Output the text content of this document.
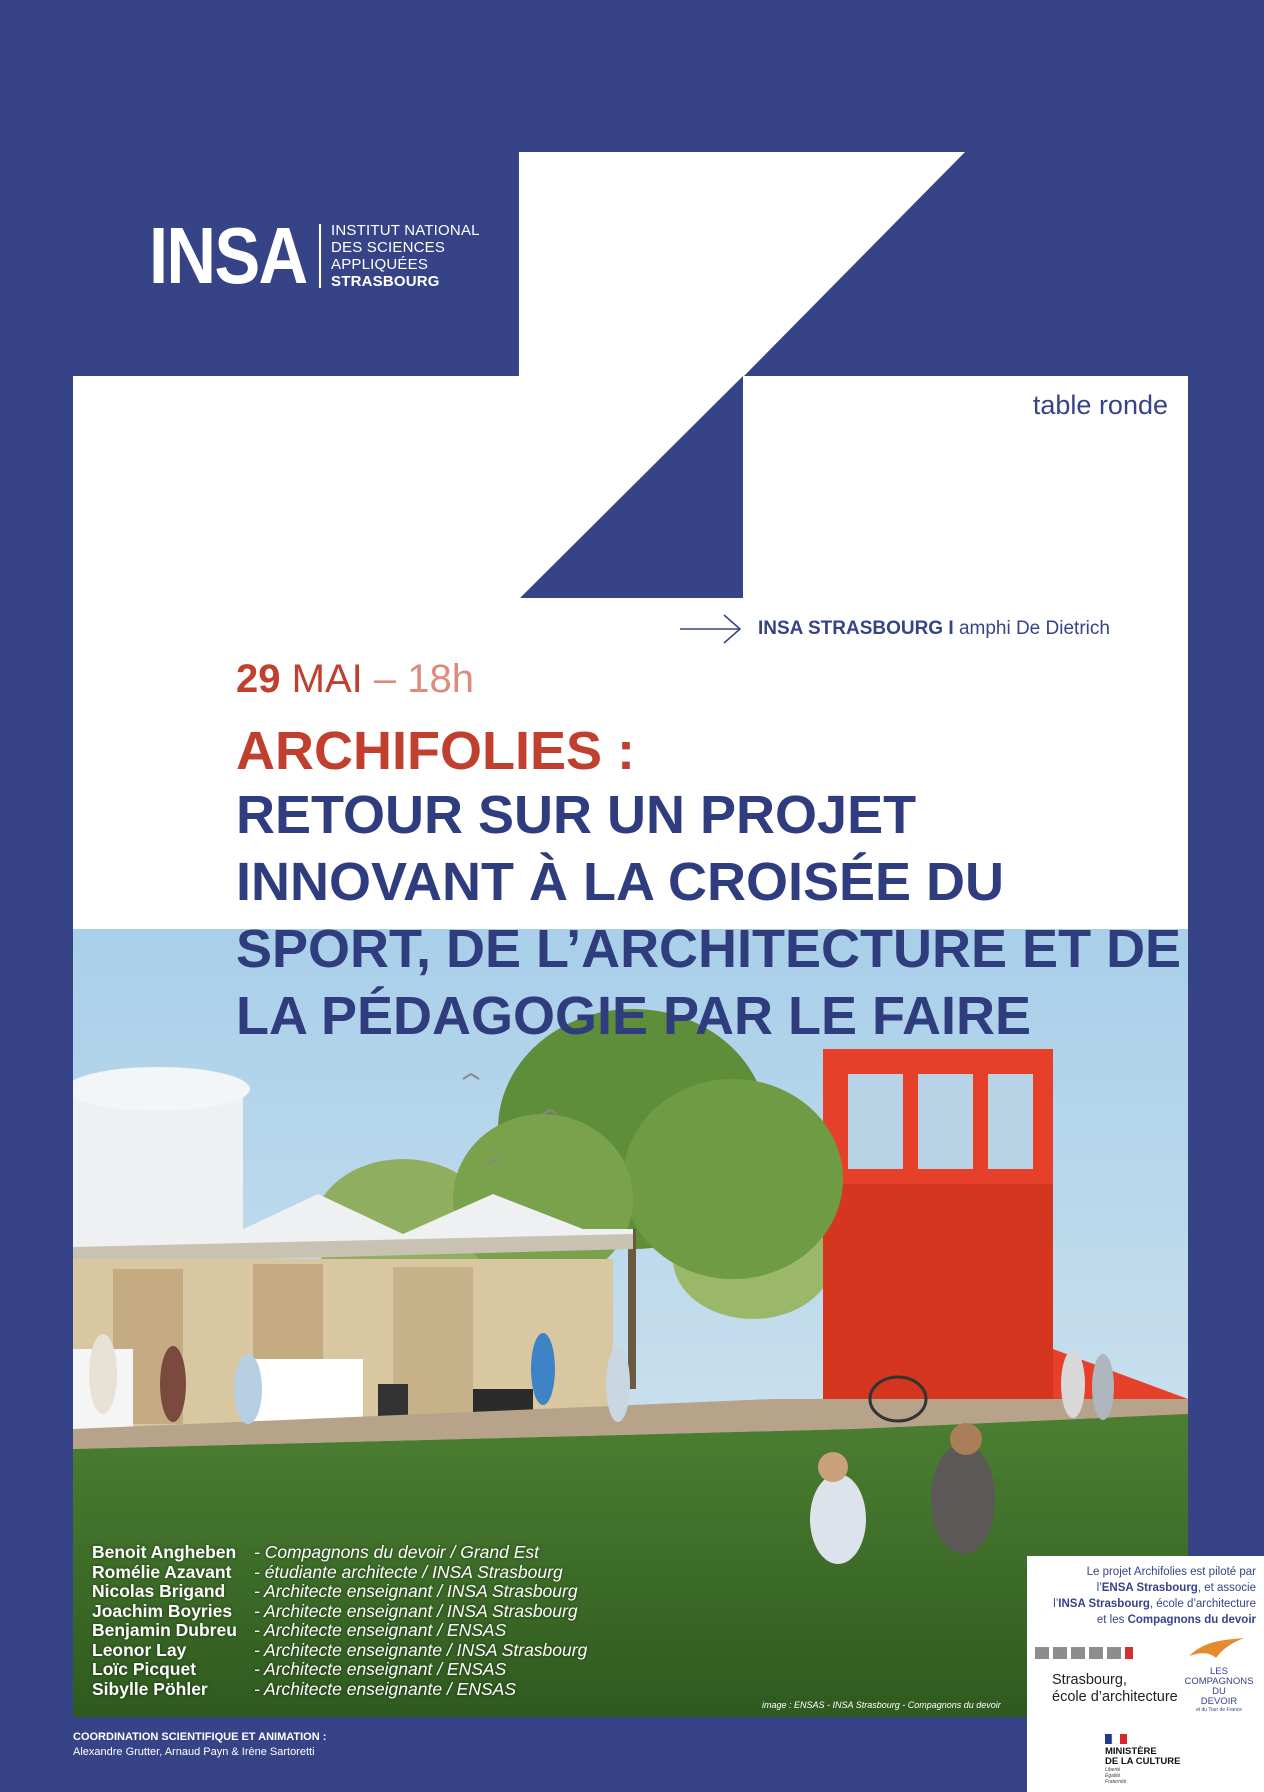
INSA INSTITUT NATIONAL
DES SCIENCES
APPLIQUÉES
STRASBOURG
table ronde
INSA STRASBOURG I amphi De Dietrich
29 MAI – 18h
ARCHIFOLIES :
RETOUR SUR UN PROJET INNOVANT À LA CROISÉE DU SPORT, DE L’ARCHITECTURE ET DE LA PÉDAGOGIE PAR LE FAIRE
Benoit Angheben	- Compagnons du devoir / Grand Est
Romélie Azavant	- étudiante architecte / INSA Strasbourg
Nicolas Brigand	- Architecte enseignant / INSA Strasbourg
Joachim Boyries	- Architecte enseignant / INSA Strasbourg
Benjamin Dubreu - Architecte enseignant / ENSAS
Leonor Lay	- Architecte enseignante / INSA Strasbourg
Loïc Picquet	- Architecte enseignant / ENSAS
Sibylle Pöhler	- Architecte enseignante / ENSAS
image : ENSAS - INSA Strasbourg - Compagnons du devoir
COORDINATION SCIENTIFIQUE ET ANIMATION :
Alexandre Grutter, Arnaud Payn & Irène Sartoretti
Le projet Archifolies est piloté par
l’ENSA Strasbourg, et associe
l’INSA Strasbourg, école d’architecture
et les Compagnons du devoir
Strasbourg,
école d’architecture
LES
COMPAGNONS
DU
DEVOIR
et du Tour de France
MINISTÈRE
DE LA CULTURE
Liberté
Égalité
Fraternité
